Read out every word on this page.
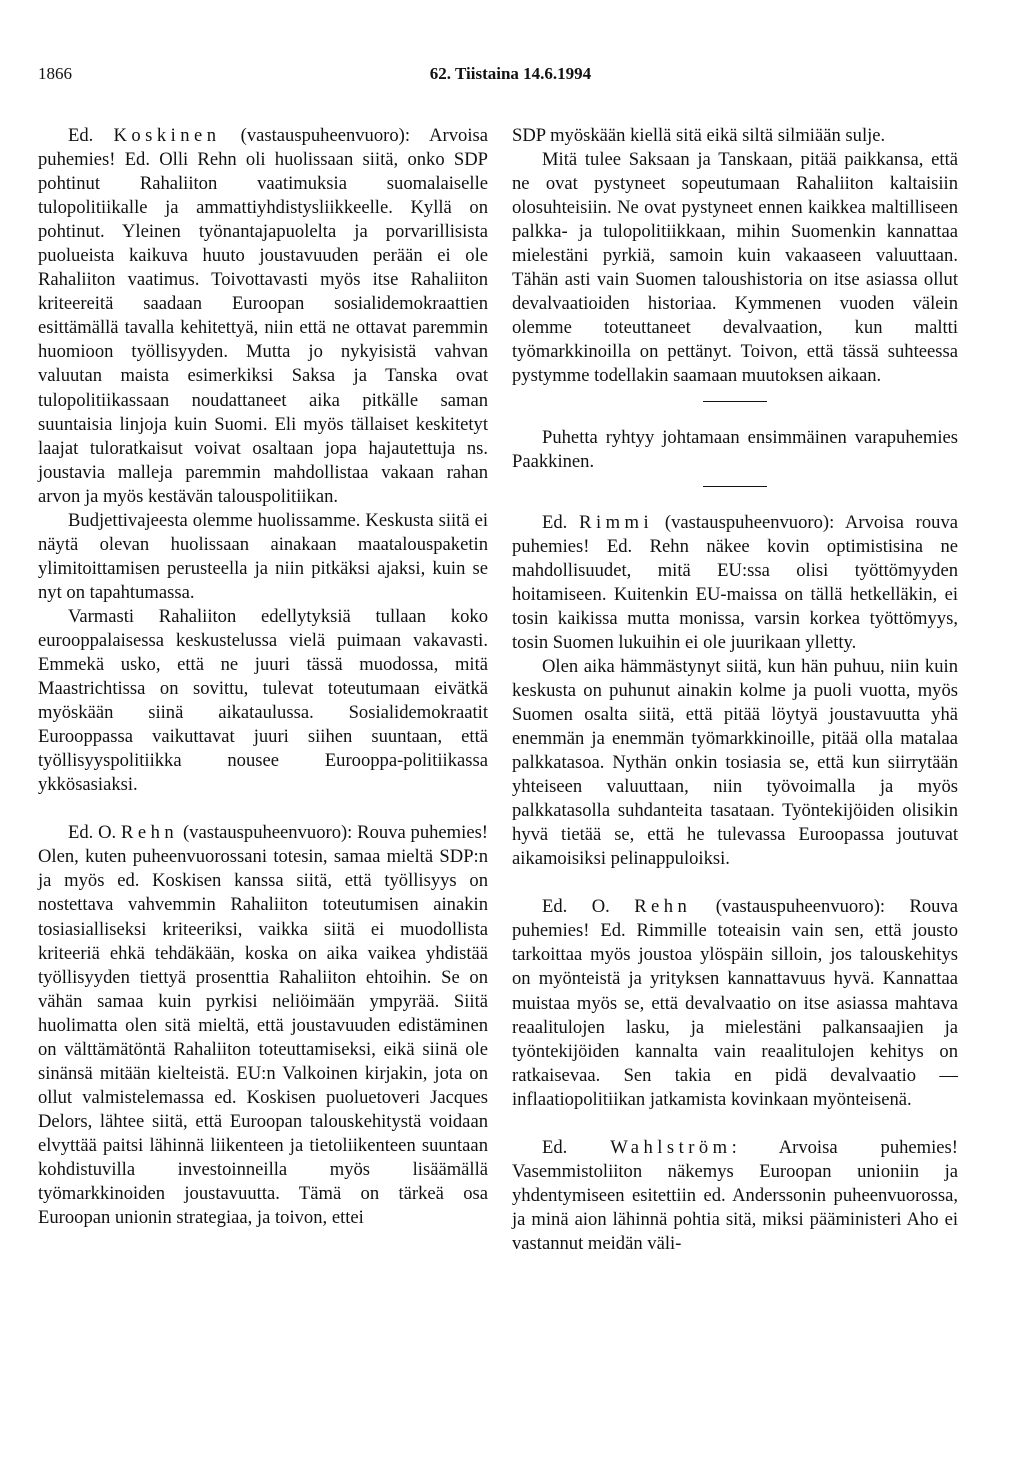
1866	62. Tiistaina 14.6.1994

Ed. Koskinen (vastauspuheenvuoro): Arvoisa puhemies! Ed. Olli Rehn oli huolissaan siitä, onko SDP pohtinut Rahaliiton vaatimuksia suomalaiselle tulopolitiikalle ja ammattiyhdistysliikkeelle. Kyllä on pohtinut. Yleinen työnantajapuolelta ja porvarillisista puolueista kaikuva huuto joustavuuden perään ei ole Rahaliiton vaatimus. Toivottavasti myös itse Rahaliiton kriteereitä saadaan Euroopan sosialidemokraattien esittämällä tavalla kehitettyä, niin että ne ottavat paremmin huomioon työllisyyden. Mutta jo nykyisistä vahvan valuutan maista esimerkiksi Saksa ja Tanska ovat tulopolitiikassaan noudattaneet aika pitkälle saman suuntaisia linjoja kuin Suomi. Eli myös tällaiset keskitetyt laajat tuloratkaisut voivat osaltaan jopa hajautettuja ns. joustavia malleja paremmin mahdollistaa vakaan rahan arvon ja myös kestävän talouspolitiikan.

Budjettivajeesta olemme huolissamme. Keskusta siitä ei näytä olevan huolissaan ainakaan maatalouspaketin ylimitoittamisen perusteella ja niin pitkäksi ajaksi, kuin se nyt on tapahtumassa.

Varmasti Rahaliiton edellytyksiä tullaan koko eurooppalaisessa keskustelussa vielä puimaan vakavasti. Emmekä usko, että ne juuri tässä muodossa, mitä Maastrichtissa on sovittu, tulevat toteutumaan eivätkä myöskään siinä aikataulussa. Sosialidemokraatit Eurooppassa vaikuttavat juuri siihen suuntaan, että työllisyyspolitiikka nousee Eurooppa-politiikassa ykkösasiaksi.

Ed. O. Rehn (vastauspuheenvuoro): Rouva puhemies! Olen, kuten puheenvuorossani totesin, samaa mieltä SDP:n ja myös ed. Koskisen kanssa siitä, että työllisyys on nostettava vahvemmin Rahaliiton toteutumisen ainakin tosiasialliseksi kriteeriksi, vaikka siitä ei muodollista kriteeriä ehkä tehdäkään, koska on aika vaikea yhdistää työllisyyden tiettyä prosenttia Rahaliiton ehtoihin. Se on vähän samaa kuin pyrkisi neliöimään ympyrää. Siitä huolimatta olen sitä mieltä, että joustavuuden edistäminen on välttämätöntä Rahaliiton toteuttamiseksi, eikä siinä ole sinänsä mitään kielteistä. EU:n Valkoinen kirjakin, jota on ollut valmistelemassa ed. Koskisen puoluetoveri Jacques Delors, lähtee siitä, että Euroopan talouskehitystä voidaan elvyttää paitsi lähinnä liikenteen ja tietoliikenteen suuntaan kohdistuvilla investoinneilla myös lisäämällä työmarkkinoiden joustavuutta. Tämä on tärkeä osa Euroopan unionin strategiaa, ja toivon, ettei

SDP myöskään kiellä sitä eikä siltä silmiään sulje.

Mitä tulee Saksaan ja Tanskaan, pitää paikkansa, että ne ovat pystyneet sopeutumaan Rahaliiton kaltaisiin olosuhteisiin. Ne ovat pystyneet ennen kaikkea maltilliseen palkka- ja tulopolitiikkaan, mihin Suomenkin kannattaa mielestäni pyrkiä, samoin kuin vakaaseen valuuttaan. Tähän asti vain Suomen taloushistoria on itse asiassa ollut devalvaatioiden historiaa. Kymmenen vuoden välein olemme toteuttaneet devalvaation, kun maltti työmarkkinoilla on pettänyt. Toivon, että tässä suhteessa pystymme todellakin saamaan muutoksen aikaan.

Puhetta ryhtyy johtamaan ensimmäinen varapuhemies Paakkinen.

Ed. Rimmi (vastauspuheenvuoro): Arvoisa rouva puhemies! Ed. Rehn näkee kovin optimistisina ne mahdollisuudet, mitä EU:ssa olisi työttömyyden hoitamiseen. Kuitenkin EU-maissa on tällä hetkelläkin, ei tosin kaikissa mutta monissa, varsin korkea työttömyys, tosin Suomen lukuihin ei ole juurikaan ylletty.

Olen aika hämmästynyt siitä, kun hän puhuu, niin kuin keskusta on puhunut ainakin kolme ja puoli vuotta, myös Suomen osalta siitä, että pitää löytyä joustavuutta yhä enemmän ja enemmän työmarkkinoille, pitää olla matalaa palkkatasoa. Nythän onkin tosiasia se, että kun siirrytään yhteiseen valuuttaan, niin työvoimalla ja myös palkkatasolla suhdanteita tasataan. Työntekijöiden olisikin hyvä tietää se, että he tulevassa Euroopassa joutuvat aikamoisiksi pelinappuloiksi.

Ed. O. Rehn (vastauspuheenvuoro): Rouva puhemies! Ed. Rimmille toteaisin vain sen, että jousto tarkoittaa myös joustoa ylöspäin silloin, jos talouskehitys on myönteistä ja yrityksen kannattavuus hyvä. Kannattaa muistaa myös se, että devalvaatio on itse asiassa mahtava reaalitulojen lasku, ja mielestäni palkansaajien ja työntekijöiden kannalta vain reaalitulojen kehitys on ratkaisevaa. Sen takia en pidä devalvaatio — inflaatiopolitiikan jatkamista kovinkaan myönteisenä.

Ed. Wahlström: Arvoisa puhemies! Vasemmistoliiton näkemys Euroopan unioniin ja yhdentymiseen esitettiin ed. Anderssonin puheenvuorossa, ja minä aion lähinnä pohtia sitä, miksi pääministeri Aho ei vastannut meidän väli-
